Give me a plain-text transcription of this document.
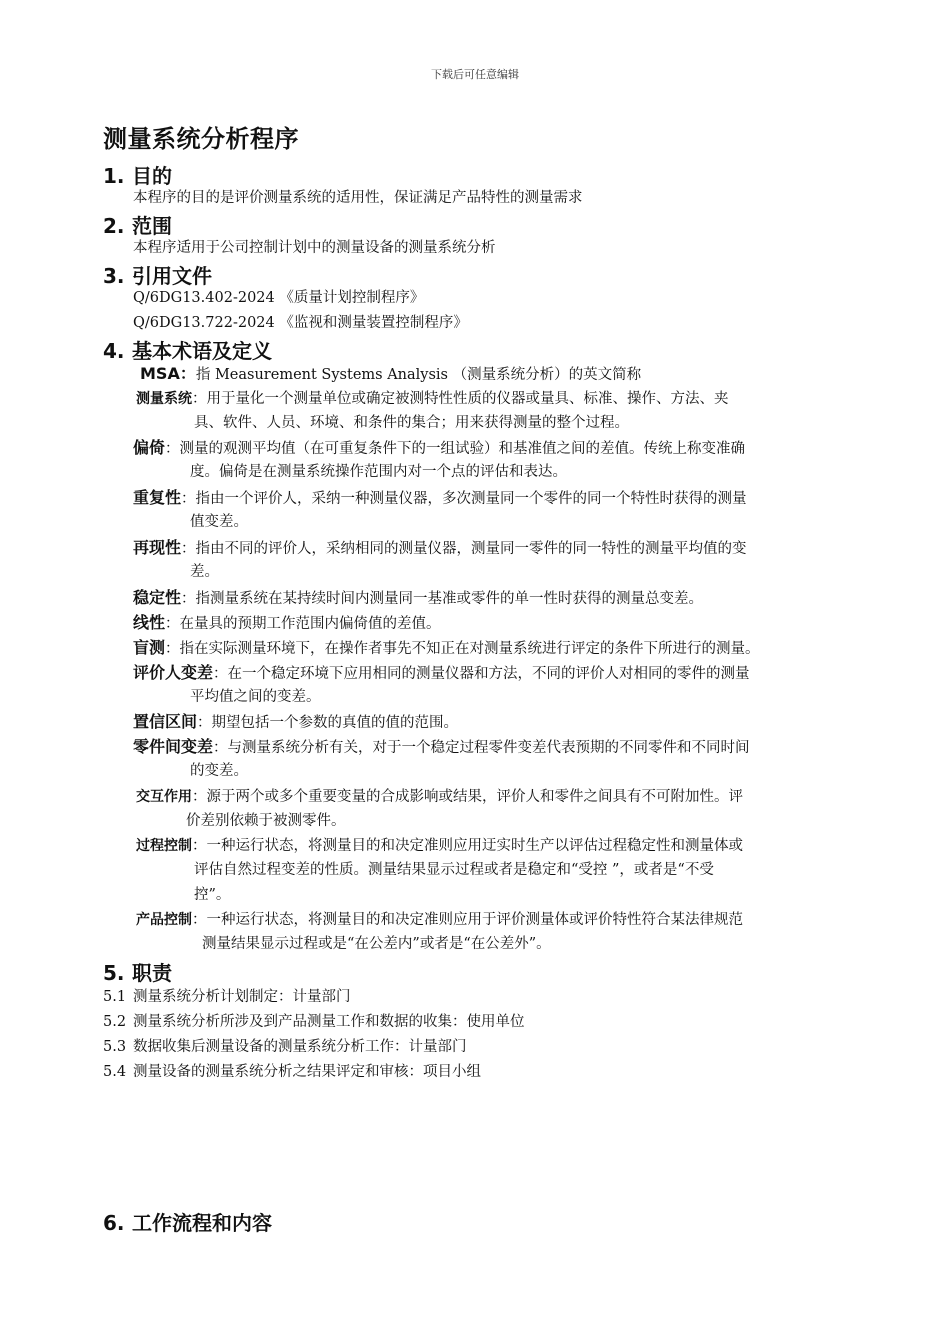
下载后可任意编辑
测量系统分析程序
1. 目的
本程序的目的是评价测量系统的适用性，保证满足产品特性的测量需求
2. 范围
本程序适用于公司控制计划中的测量设备的测量系统分析
3. 引用文件
Q/6DG13.402-2024 《质量计划控制程序》
Q/6DG13.722-2024 《监视和测量装置控制程序》
4. 基本术语及定义
MSA：指 Measurement Systems Analysis （测量系统分析）的英文简称
测量系统：用于量化一个测量单位或确定被测特性性质的仪器或量具、标准、操作、方法、夹
具、软件、人员、环境、和条件的集合；用来获得测量的整个过程。
偏倚：测量的观测平均值（在可重复条件下的一组试验）和基准值之间的差值。传统上称变准确
度。偏倚是在测量系统操作范围内对一个点的评估和表达。
重复性：指由一个评价人，采纳一种测量仪器，多次测量同一个零件的同一个特性时获得的测量
值变差。
再现性：指由不同的评价人，采纳相同的测量仪器，测量同一零件的同一特性的测量平均值的变
差。
稳定性：指测量系统在某持续时间内测量同一基准或零件的单一性时获得的测量总变差。
线性：在量具的预期工作范围内偏倚值的差值。
盲测：指在实际测量环境下，在操作者事先不知正在对测量系统进行评定的条件下所进行的测量。
评价人变差：在一个稳定环境下应用相同的测量仪器和方法，不同的评价人对相同的零件的测量
平均值之间的变差。
置信区间：期望包括一个参数的真值的值的范围。
零件间变差：与测量系统分析有关，对于一个稳定过程零件变差代表预期的不同零件和不同时间
的变差。
交互作用：源于两个或多个重要变量的合成影响或结果，评价人和零件之间具有不可附加性。评
价差别依赖于被测零件。
过程控制：一种运行状态，将测量目的和决定准则应用迂实时生产以评估过程稳定性和测量体或
评估自然过程变差的性质。测量结果显示过程或者是稳定和“受控 ”，或者是“不受
控”。
产品控制：一种运行状态，将测量目的和决定准则应用于评价测量体或评价特性符合某法律规范
测量结果显示过程或是“在公差内”或者是“在公差外”。
5. 职责
5.1 测量系统分析计划制定：计量部门
5.2 测量系统分析所涉及到产品测量工作和数据的收集：使用单位
5.3 数据收集后测量设备的测量系统分析工作：计量部门
5.4 测量设备的测量系统分析之结果评定和审核：项目小组
6. 工作流程和内容
